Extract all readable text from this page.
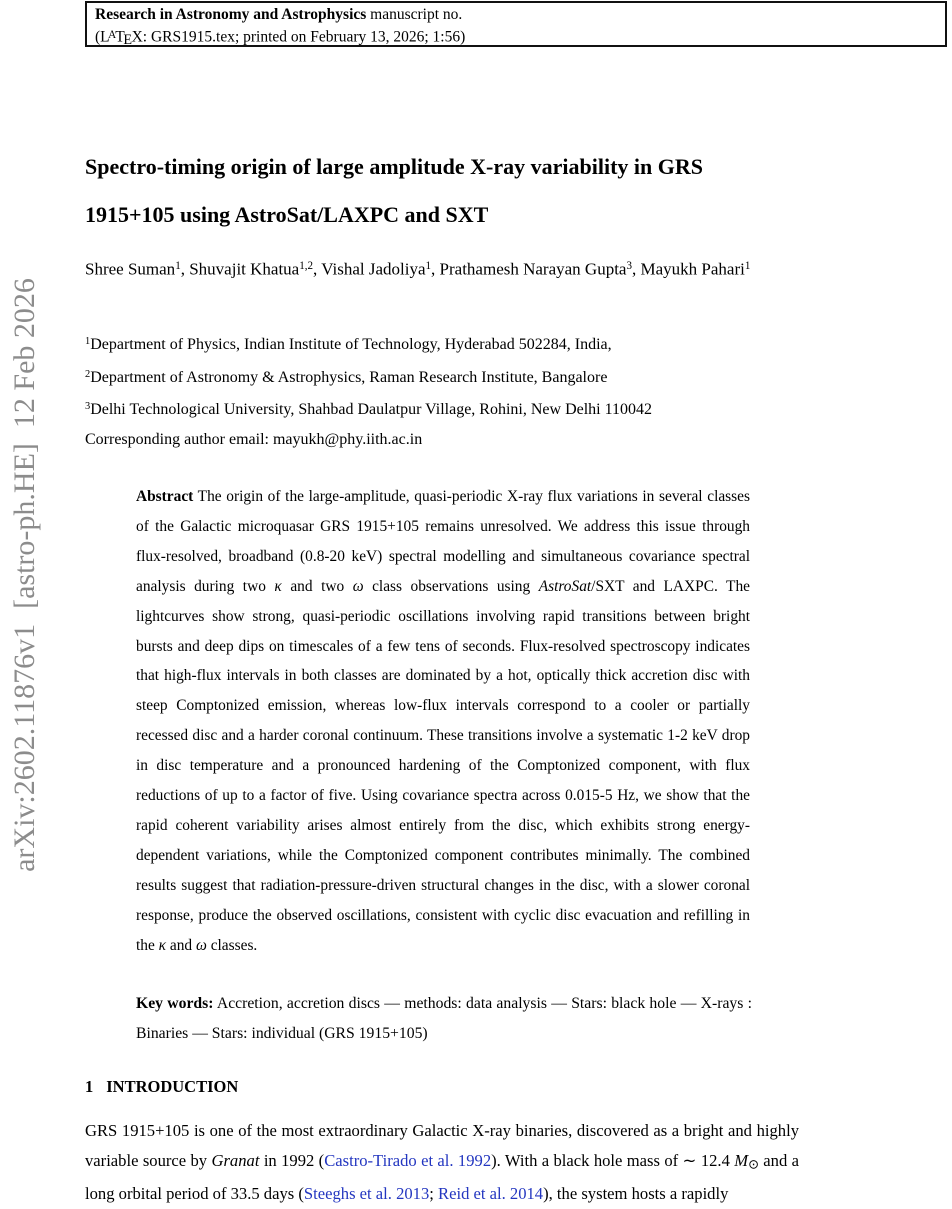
arXiv:2602.11876v1  [astro-ph.HE]  12 Feb 2026
Research in Astronomy and Astrophysics manuscript no.
($L^ATEX$: GRS1915.tex; printed on February 13, 2026; 1:56)
Spectro-timing origin of large amplitude X-ray variability in GRS 1915+105 using AstroSat/LAXPC and SXT
Shree Suman$^1$, Shuvajit Khatua$^{1,2}$, Vishal Jadoliya$^1$, Prathamesh Narayan Gupta$^3$, Mayukh Pahari$^1$
$^1$Department of Physics, Indian Institute of Technology, Hyderabad 502284, India,
$^2$Department of Astronomy & Astrophysics, Raman Research Institute, Bangalore
$^3$Delhi Technological University, Shahbad Daulatpur Village, Rohini, New Delhi 110042
Corresponding author email: mayukh@phy.iith.ac.in
Abstract The origin of the large-amplitude, quasi-periodic X-ray flux variations in several classes of the Galactic microquasar GRS 1915+105 remains unresolved. We address this issue through flux-resolved, broadband (0.8-20 keV) spectral modelling and simultaneous covariance spectral analysis during two κ and two ω class observations using AstroSat/SXT and LAXPC. The lightcurves show strong, quasi-periodic oscillations involving rapid transitions between bright bursts and deep dips on timescales of a few tens of seconds. Flux-resolved spectroscopy indicates that high-flux intervals in both classes are dominated by a hot, optically thick accretion disc with steep Comptonized emission, whereas low-flux intervals correspond to a cooler or partially recessed disc and a harder coronal continuum. These transitions involve a systematic 1-2 keV drop in disc temperature and a pronounced hardening of the Comptonized component, with flux reductions of up to a factor of five. Using covariance spectra across 0.015-5 Hz, we show that the rapid coherent variability arises almost entirely from the disc, which exhibits strong energy-dependent variations, while the Comptonized component contributes minimally. The combined results suggest that radiation-pressure-driven structural changes in the disc, with a slower coronal response, produce the observed oscillations, consistent with cyclic disc evacuation and refilling in the κ and ω classes.
Key words: Accretion, accretion discs — methods: data analysis — Stars: black hole — X-rays : Binaries — Stars: individual (GRS 1915+105)
1 INTRODUCTION
GRS 1915+105 is one of the most extraordinary Galactic X-ray binaries, discovered as a bright and highly variable source by Granat in 1992 (Castro-Tirado et al. 1992). With a black hole mass of ∼ 12.4 M⊙ and a long orbital period of 33.5 days (Steeghs et al. 2013; Reid et al. 2014), the system hosts a rapidly
